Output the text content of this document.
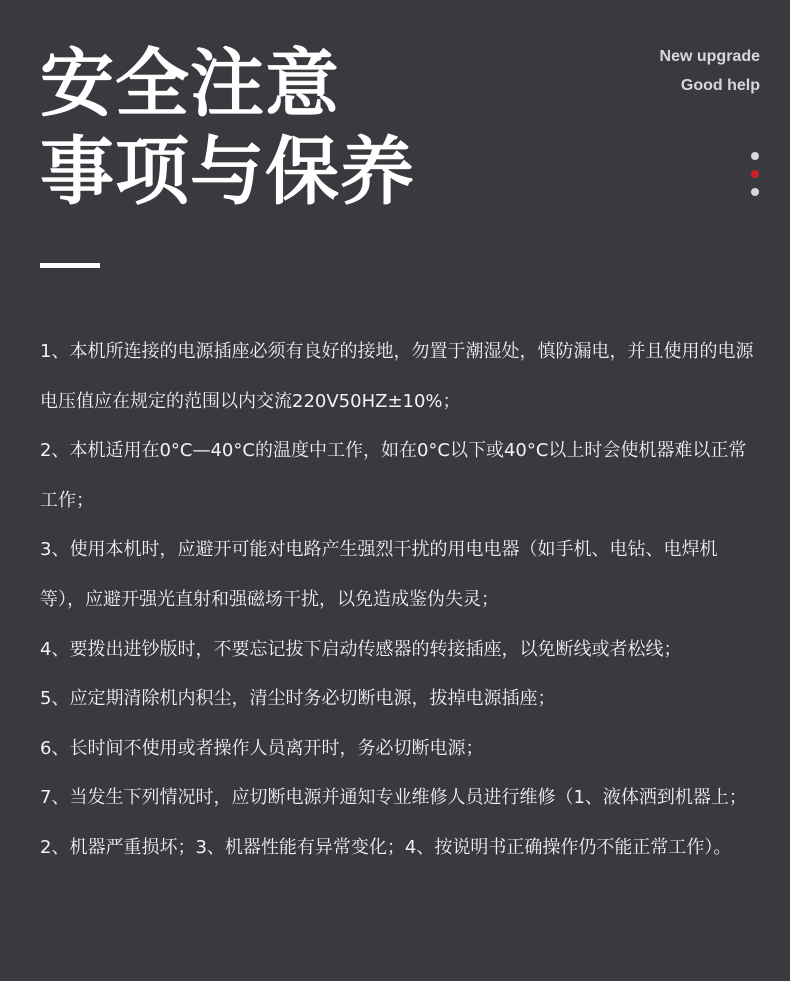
安全注意
事项与保养
New upgrade
Good help

1、本机所连接的电源插座必须有良好的接地，勿置于潮湿处，慎防漏电，并且使用的电源电压值应在规定的范围以内交流220V50HZ±10%；

2、本机适用在0°C—40°C的温度中工作，如在0°C以下或40°C以上时会使机器难以正常工作；

3、使用本机时，应避开可能对电路产生强烈干扰的用电电器（如手机、电钻、电焊机等），应避开强光直射和强磁场干扰，以免造成鉴伪失灵；

4、要拨出进钞版时，不要忘记拔下启动传感器的转接插座，以免断线或者松线；

5、应定期清除机内积尘，清尘时务必切断电源，拔掉电源插座；

6、长时间不使用或者操作人员离开时，务必切断电源；

7、当发生下列情况时，应切断电源并通知专业维修人员进行维修（1、液体洒到机器上；2、机器严重损坏；3、机器性能有异常变化；4、按说明书正确操作仍不能正常工作）。
